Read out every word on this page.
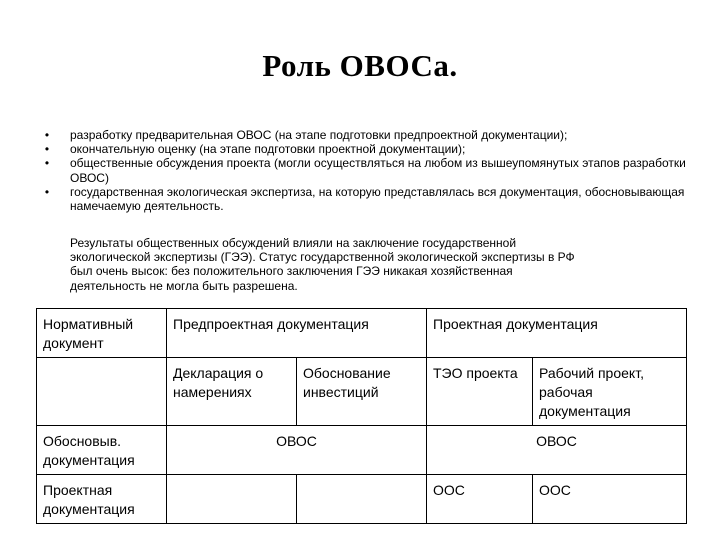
Роль ОВОСа.
•	разработку предварительная ОВОС (на этапе подготовки предпроектной документации);
•	окончательную оценку (на этапе подготовки проектной документации);
•	общественные обсуждения проекта (могли осуществляться на любом из вышеупомянутых этапов разработки ОВОС)
•	государственная экологическая экспертиза, на которую представлялась вся документация, обосновывающая намечаемую деятельность.
Результаты общественных обсуждений влияли на заключение государственной
экологической экспертизы (ГЭЭ). Статус государственной экологической экспертизы в РФ
был очень высок: без положительного заключения ГЭЭ никакая хозяйственная
деятельность не могла быть разрешена.
Нормативный документ	Предпроектная документация		Проектная документация	
	Декларация о намерениях	Обоснование инвестиций	ТЭО проекта	Рабочий проект, рабочая документация
Обосновыв. документация	ОВОС		ОВОС	
Проектная документация			ООС	ООС
